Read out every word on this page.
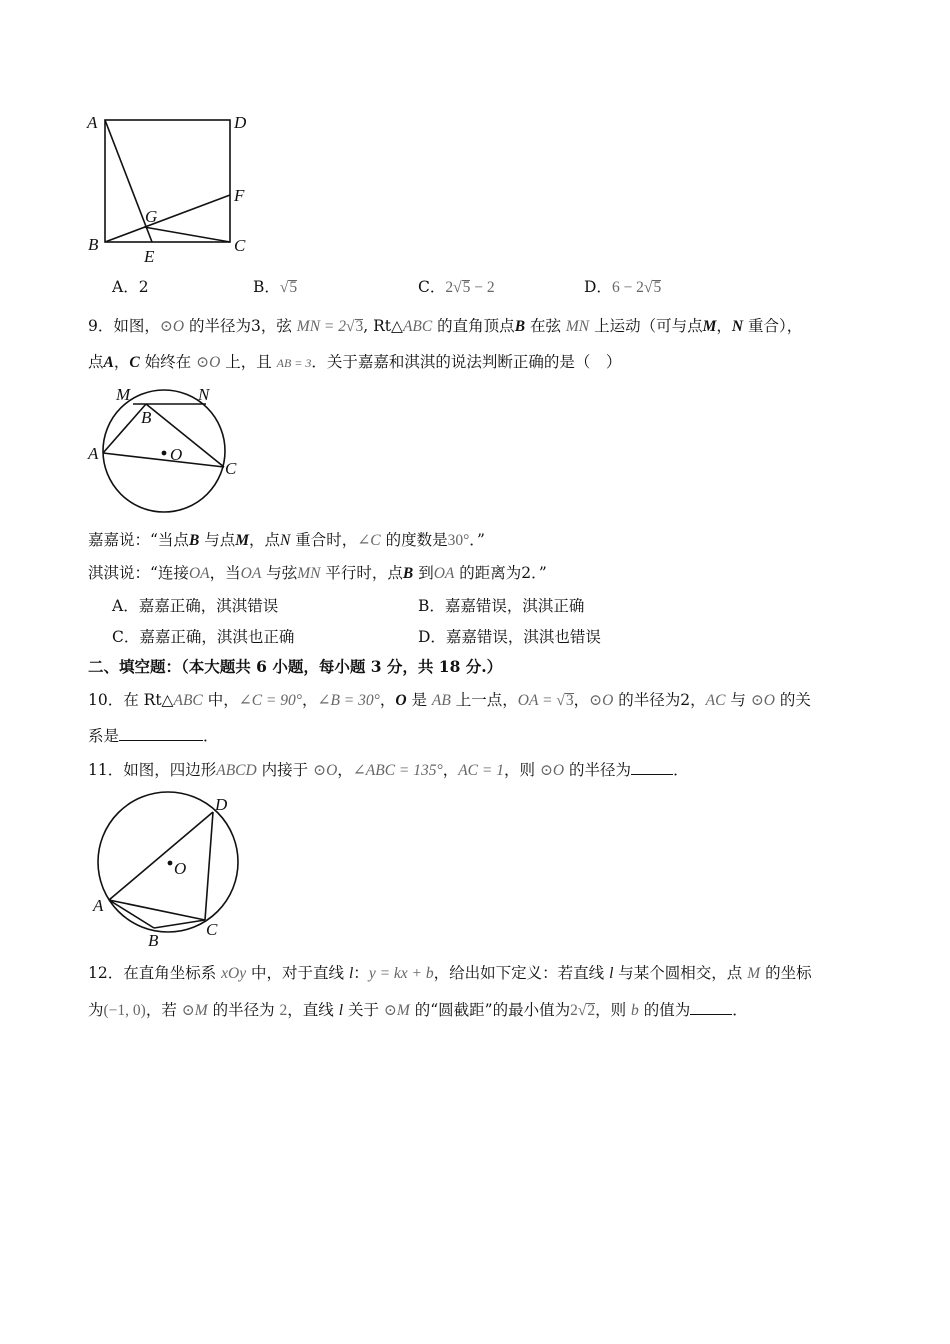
A	D
F
G
B	C
E
A．2	B．√5	C．2√5 − 2	D．6 − 2√5
9．如图，⊙O 的半径为3，弦 MN = 2√3, Rt△ABC 的直角顶点B 在弦 MN 上运动（可与点M，N 重合），
点A，C 始终在 ⊙O 上，且 AB = 3．关于嘉嘉和淇淇的说法判断正确的是（　）
M	N
B
A	O
C
嘉嘉说：“当点B 与点M，点N 重合时，∠C 的度数是30°．”
淇淇说：“连接OA，当OA 与弦MN 平行时，点B 到OA 的距离为2．”
A．嘉嘉正确，淇淇错误	B．嘉嘉错误，淇淇正确
C．嘉嘉正确，淇淇也正确	D．嘉嘉错误，淇淇也错误
二、填空题：（本大题共 6 小题，每小题 3 分，共 18 分.）
10．在 Rt△ABC 中，∠C = 90°，∠B = 30°，O 是 AB 上一点，OA = √3，⊙O 的半径为2，AC 与 ⊙O 的关
系是	．
11．如图，四边形ABCD 内接于 ⊙O，∠ABC = 135°，AC = 1，则 ⊙O 的半径为	．
D
O
A
C
B
12．在直角坐标系 xOy 中，对于直线 l：y = kx + b，给出如下定义：若直线 l 与某个圆相交，点 M 的坐标
为(−1, 0)，若 ⊙M 的半径为 2，直线 l 关于 ⊙M 的“圆截距”的最小值为2√2，则 b 的值为	．
